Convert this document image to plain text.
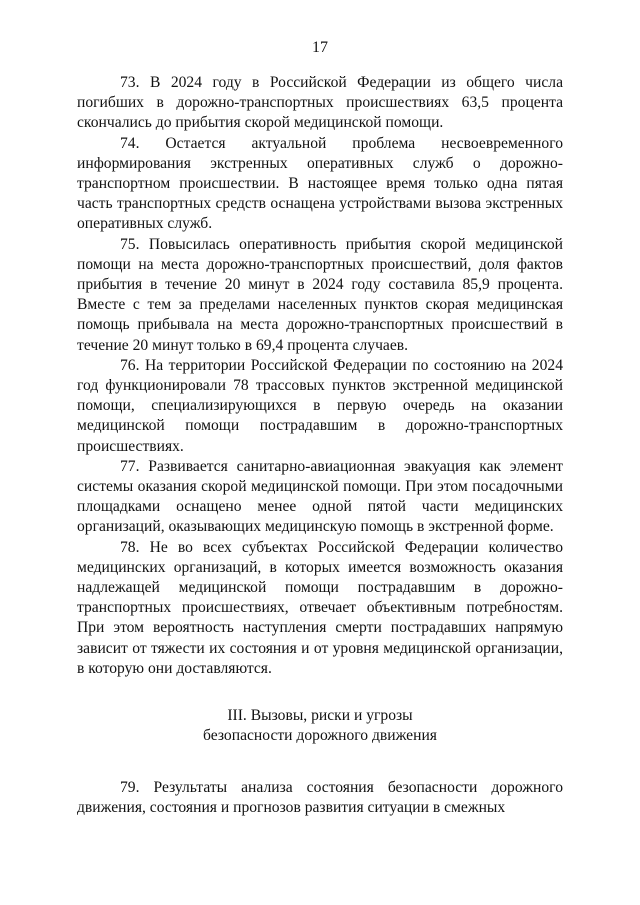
17

73. В 2024 году в Российской Федерации из общего числа погибших в дорожно-транспортных происшествиях 63,5 процента скончались до прибытия скорой медицинской помощи.

74. Остается актуальной проблема несвоевременного информирования экстренных оперативных служб о дорожно-транспортном происшествии. В настоящее время только одна пятая часть транспортных средств оснащена устройствами вызова экстренных оперативных служб.

75. Повысилась оперативность прибытия скорой медицинской помощи на места дорожно-транспортных происшествий, доля фактов прибытия в течение 20 минут в 2024 году составила 85,9 процента. Вместе с тем за пределами населенных пунктов скорая медицинская помощь прибывала на места дорожно-транспортных происшествий в течение 20 минут только в 69,4 процента случаев.

76. На территории Российской Федерации по состоянию на 2024 год функционировали 78 трассовых пунктов экстренной медицинской помощи, специализирующихся в первую очередь на оказании медицинской помощи пострадавшим в дорожно-транспортных происшествиях.

77. Развивается санитарно-авиационная эвакуация как элемент системы оказания скорой медицинской помощи. При этом посадочными площадками оснащено менее одной пятой части медицинских организаций, оказывающих медицинскую помощь в экстренной форме.

78. Не во всех субъектах Российской Федерации количество медицинских организаций, в которых имеется возможность оказания надлежащей медицинской помощи пострадавшим в дорожно-транспортных происшествиях, отвечает объективным потребностям. При этом вероятность наступления смерти пострадавших напрямую зависит от тяжести их состояния и от уровня медицинской организации, в которую они доставляются.

III. Вызовы, риски и угрозы
безопасности дорожного движения

79. Результаты анализа состояния безопасности дорожного движения, состояния и прогнозов развития ситуации в смежных
